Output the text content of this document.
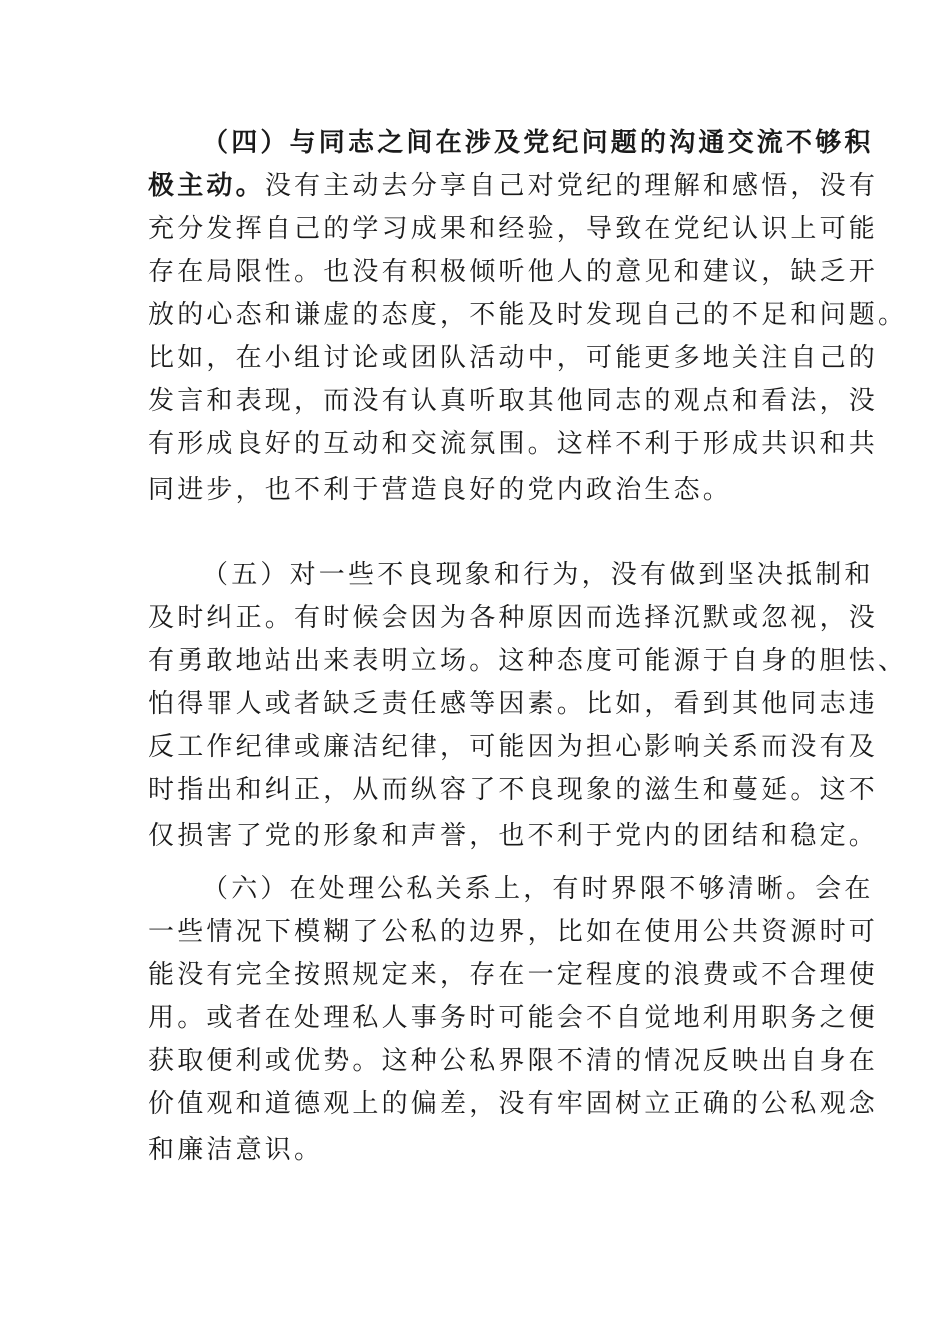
（四）与同志之间在涉及党纪问题的沟通交流不够积
极主动。没有主动去分享自己对党纪的理解和感悟，没有
充分发挥自己的学习成果和经验，导致在党纪认识上可能
存在局限性。也没有积极倾听他人的意见和建议，缺乏开
放的心态和谦虚的态度，不能及时发现自己的不足和问题。
比如，在小组讨论或团队活动中，可能更多地关注自己的
发言和表现，而没有认真听取其他同志的观点和看法，没
有形成良好的互动和交流氛围。这样不利于形成共识和共
同进步，也不利于营造良好的党内政治生态。
（五）对一些不良现象和行为，没有做到坚决抵制和
及时纠正。有时候会因为各种原因而选择沉默或忽视，没
有勇敢地站出来表明立场。这种态度可能源于自身的胆怯、
怕得罪人或者缺乏责任感等因素。比如，看到其他同志违
反工作纪律或廉洁纪律，可能因为担心影响关系而没有及
时指出和纠正，从而纵容了不良现象的滋生和蔓延。这不
仅损害了党的形象和声誉，也不利于党内的团结和稳定。
（六）在处理公私关系上，有时界限不够清晰。会在
一些情况下模糊了公私的边界，比如在使用公共资源时可
能没有完全按照规定来，存在一定程度的浪费或不合理使
用。或者在处理私人事务时可能会不自觉地利用职务之便
获取便利或优势。这种公私界限不清的情况反映出自身在
价值观和道德观上的偏差，没有牢固树立正确的公私观念
和廉洁意识。
